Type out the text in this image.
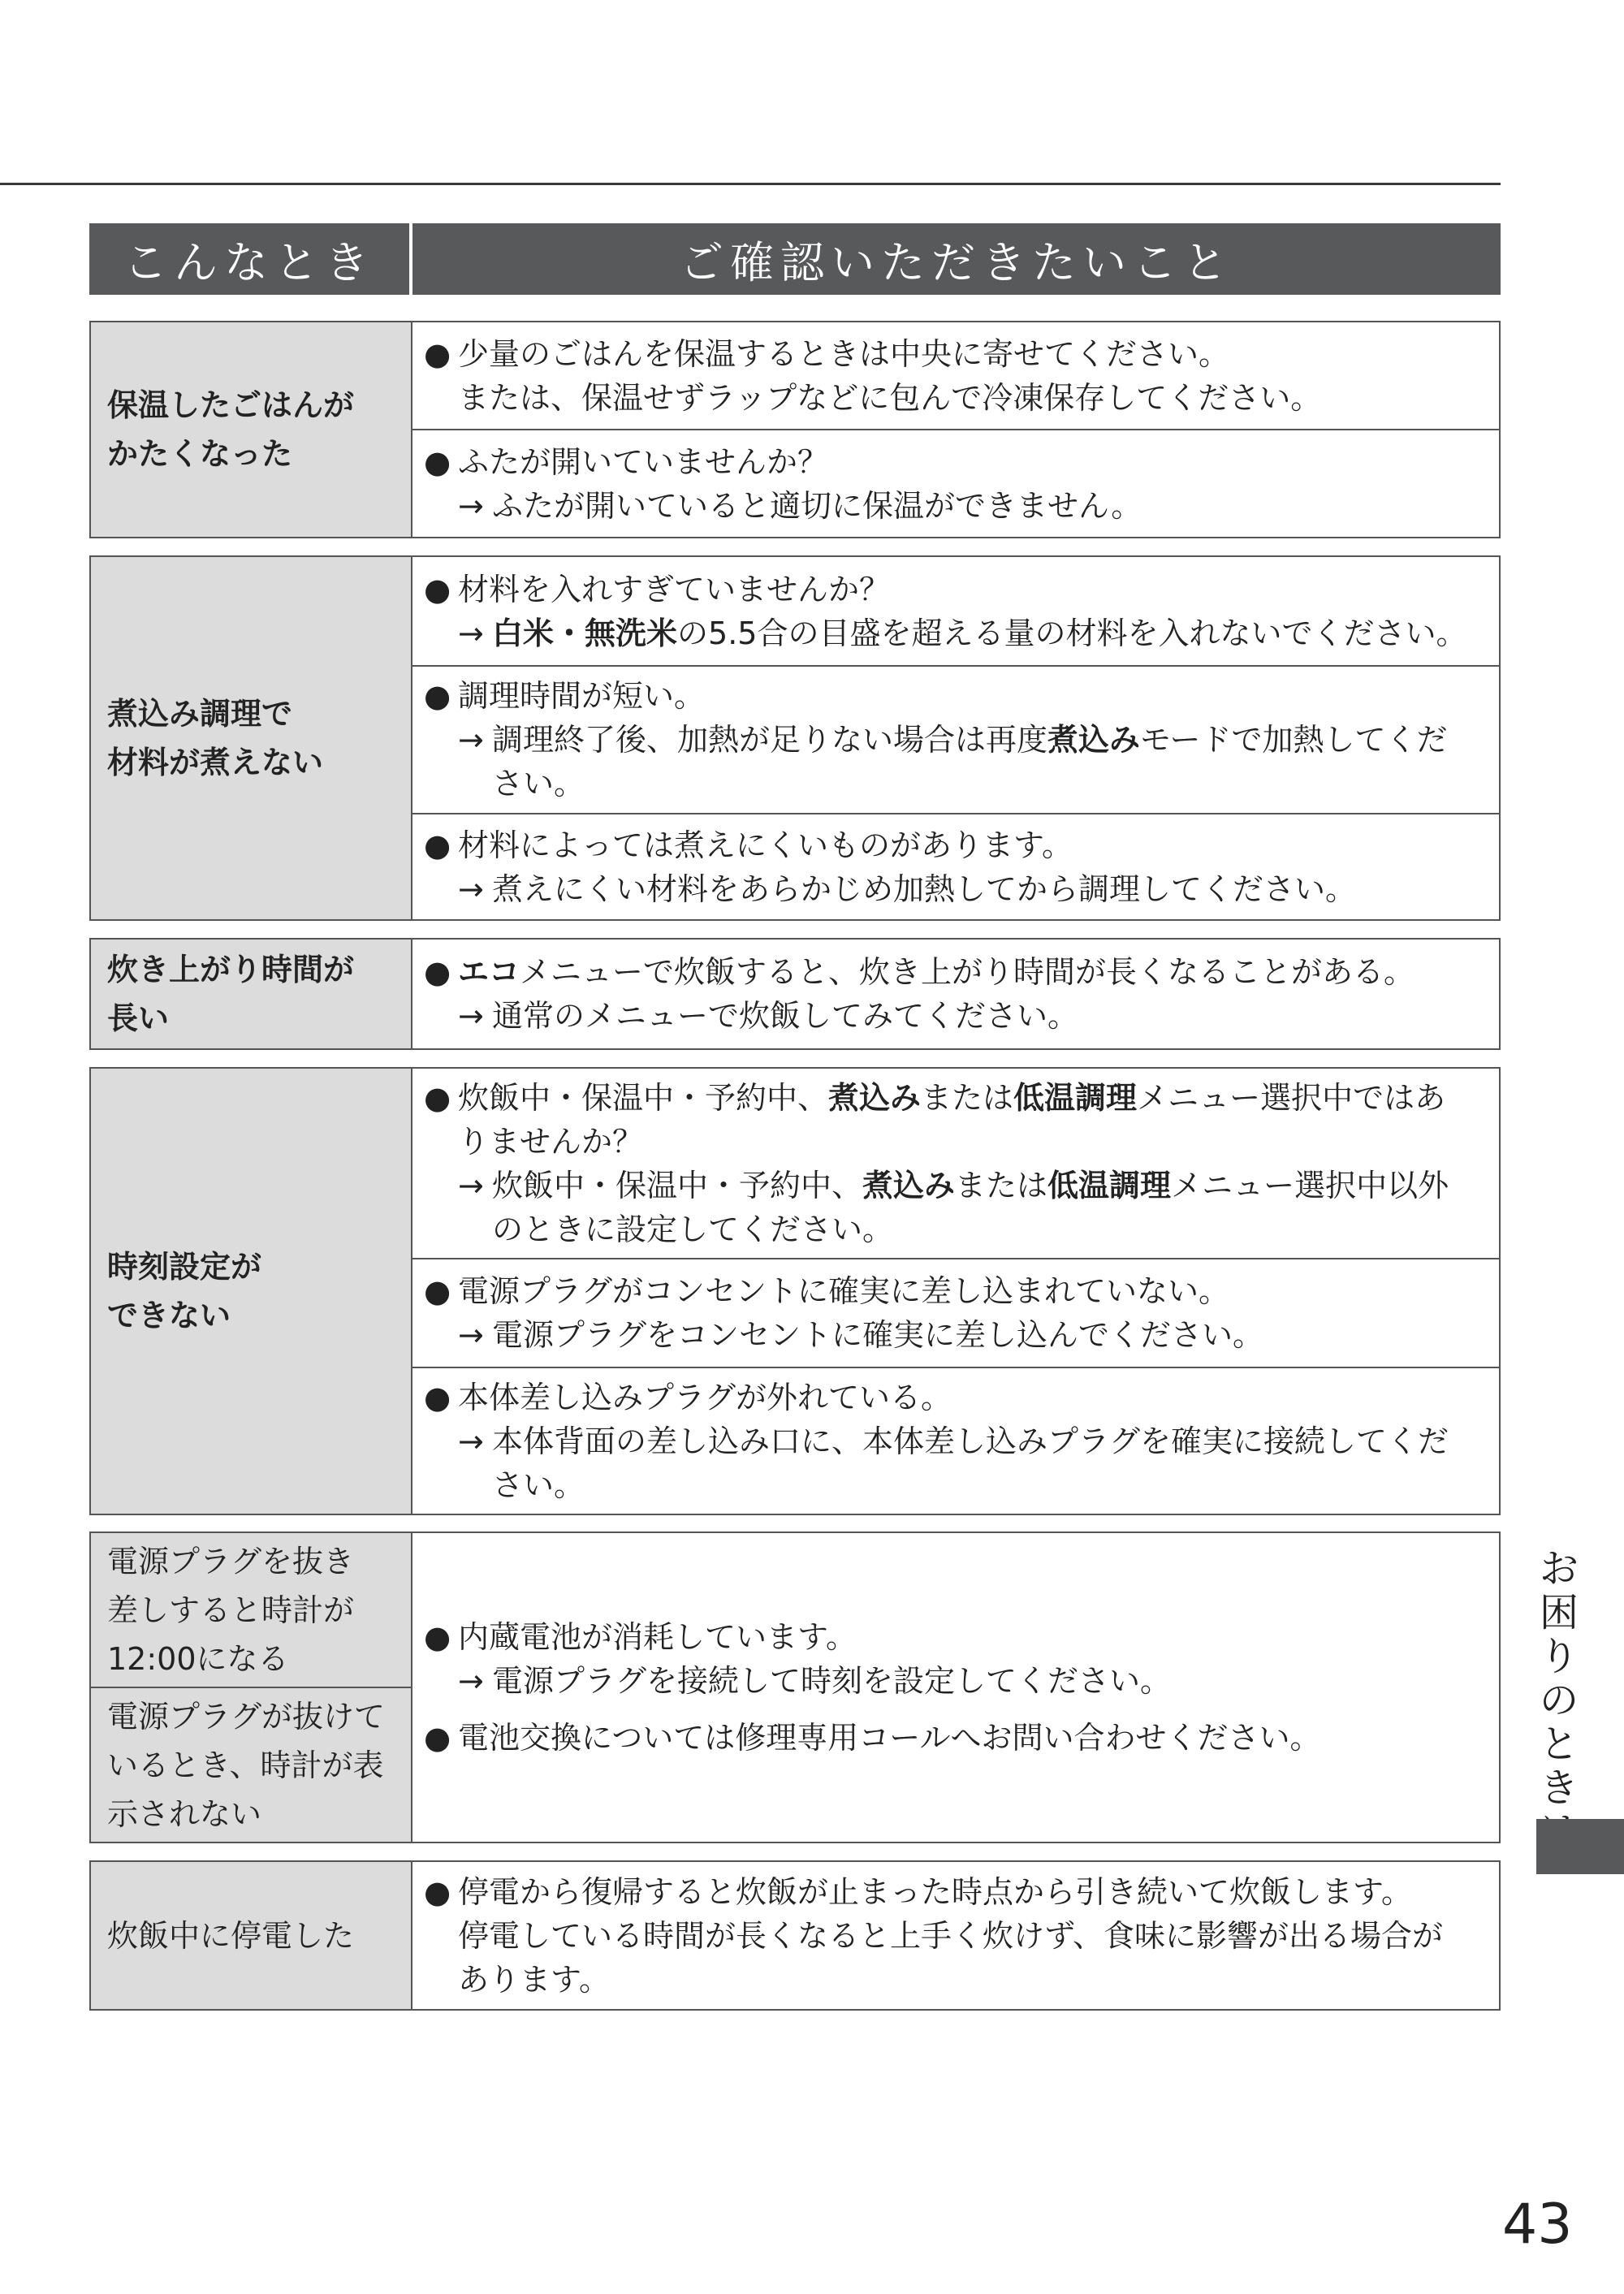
こんなとき	ご確認いただきたいこと
保温したごはんが
かたくなった
● 少量のごはんを保温するときは中央に寄せてください。
または、保温せずラップなどに包んで冷凍保存してください。
● ふたが開いていませんか？
→ ふたが開いていると適切に保温ができません。
煮込み調理で
材料が煮えない
● 材料を入れすぎていませんか？
→ 白米・無洗米の5.5合の目盛を超える量の材料を入れないでください。
● 調理時間が短い。
→ 調理終了後、加熱が足りない場合は再度煮込みモードで加熱してくだ
さい。
● 材料によっては煮えにくいものがあります。
→ 煮えにくい材料をあらかじめ加熱してから調理してください。
炊き上がり時間が
長い
● エコメニューで炊飯すると、炊き上がり時間が長くなることがある。
→ 通常のメニューで炊飯してみてください。
時刻設定が
できない
● 炊飯中・保温中・予約中、煮込みまたは低温調理メニュー選択中ではあ
りませんか？
→ 炊飯中・保温中・予約中、煮込みまたは低温調理メニュー選択中以外
のときに設定してください。
● 電源プラグがコンセントに確実に差し込まれていない。
→ 電源プラグをコンセントに確実に差し込んでください。
● 本体差し込みプラグが外れている。
→ 本体背面の差し込み口に、本体差し込みプラグを確実に接続してくだ
さい。
電源プラグを抜き
差しすると時計が
12:00になる
電源プラグが抜けて
いるとき、時計が表
示されない
● 内蔵電池が消耗しています。
→ 電源プラグを接続して時刻を設定してください。
● 電池交換については修理専用コールへお問い合わせください。
炊飯中に停電した
● 停電から復帰すると炊飯が止まった時点から引き続いて炊飯します。
停電している時間が長くなると上手く炊けず、食味に影響が出る場合が
あります。
お
困
り
の
と
き
43
